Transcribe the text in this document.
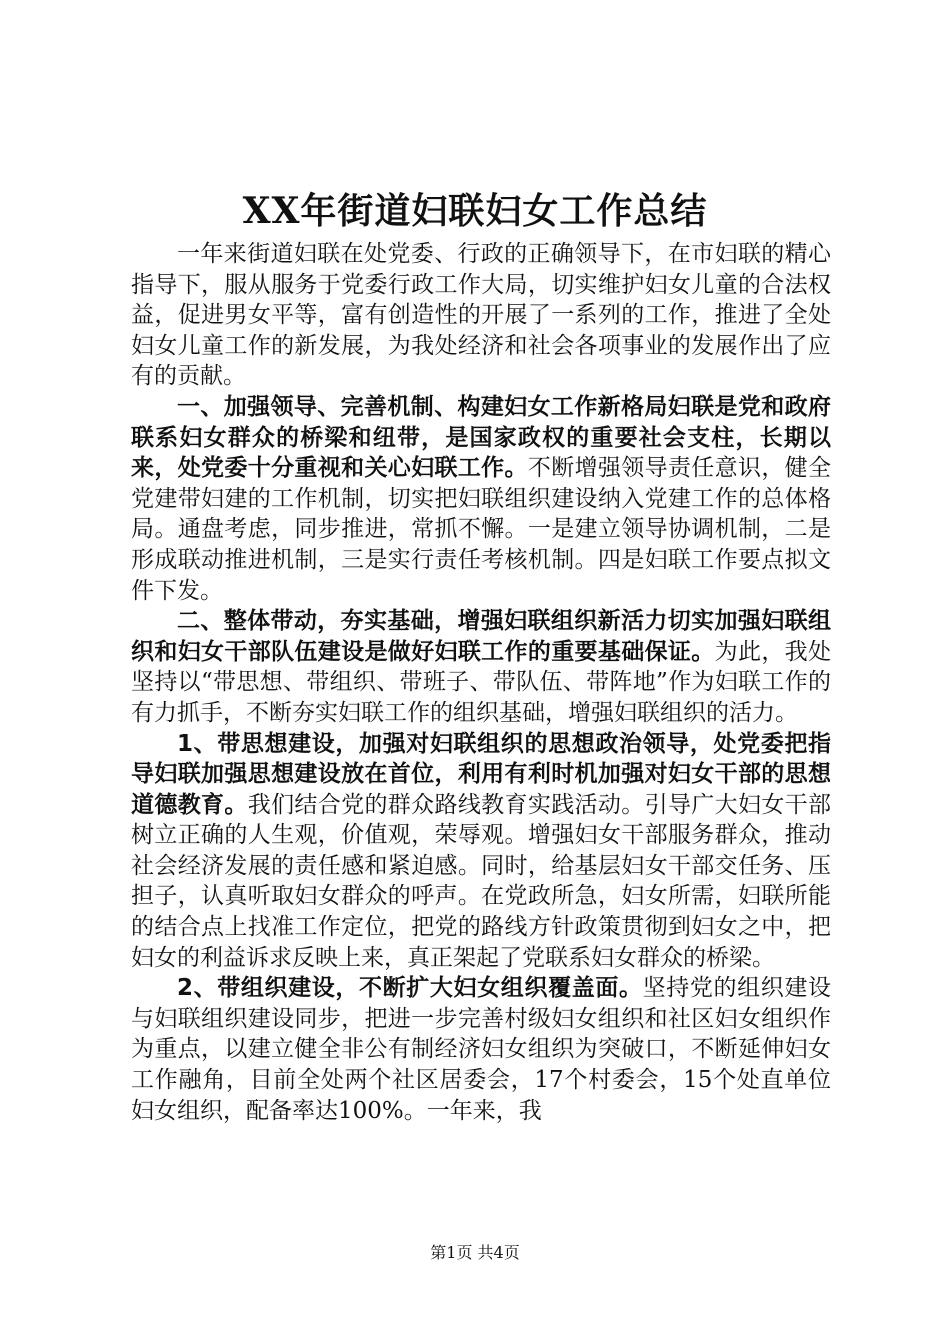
XX年街道妇联妇女工作总结

一年来街道妇联在处党委、行政的正确领导下，在市妇联的精心指导下，服从服务于党委行政工作大局，切实维护妇女儿童的合法权益，促进男女平等，富有创造性的开展了一系列的工作，推进了全处妇女儿童工作的新发展，为我处经济和社会各项事业的发展作出了应有的贡献。

一、加强领导、完善机制、构建妇女工作新格局妇联是党和政府联系妇女群众的桥梁和纽带，是国家政权的重要社会支柱，长期以来，处党委十分重视和关心妇联工作。不断增强领导责任意识，健全党建带妇建的工作机制，切实把妇联组织建设纳入党建工作的总体格局。通盘考虑，同步推进，常抓不懈。一是建立领导协调机制，二是形成联动推进机制，三是实行责任考核机制。四是妇联工作要点拟文件下发。

二、整体带动，夯实基础，增强妇联组织新活力切实加强妇联组织和妇女干部队伍建设是做好妇联工作的重要基础保证。为此，我处坚持以“带思想、带组织、带班子、带队伍、带阵地”作为妇联工作的有力抓手，不断夯实妇联工作的组织基础，增强妇联组织的活力。

1、带思想建设，加强对妇联组织的思想政治领导，处党委把指导妇联加强思想建设放在首位，利用有利时机加强对妇女干部的思想道德教育。我们结合党的群众路线教育实践活动。引导广大妇女干部树立正确的人生观，价值观，荣辱观。增强妇女干部服务群众，推动社会经济发展的责任感和紧迫感。同时，给基层妇女干部交任务、压担子，认真听取妇女群众的呼声。在党政所急，妇女所需，妇联所能的结合点上找准工作定位，把党的路线方针政策贯彻到妇女之中，把妇女的利益诉求反映上来，真正架起了党联系妇女群众的桥梁。

2、带组织建设，不断扩大妇女组织覆盖面。坚持党的组织建设与妇联组织建设同步，把进一步完善村级妇女组织和社区妇女组织作为重点，以建立健全非公有制经济妇女组织为突破口，不断延伸妇女工作融角，目前全处两个社区居委会，17个村委会，15个处直单位妇女组织，配备率达100%。一年来，我

第1页 共4页
